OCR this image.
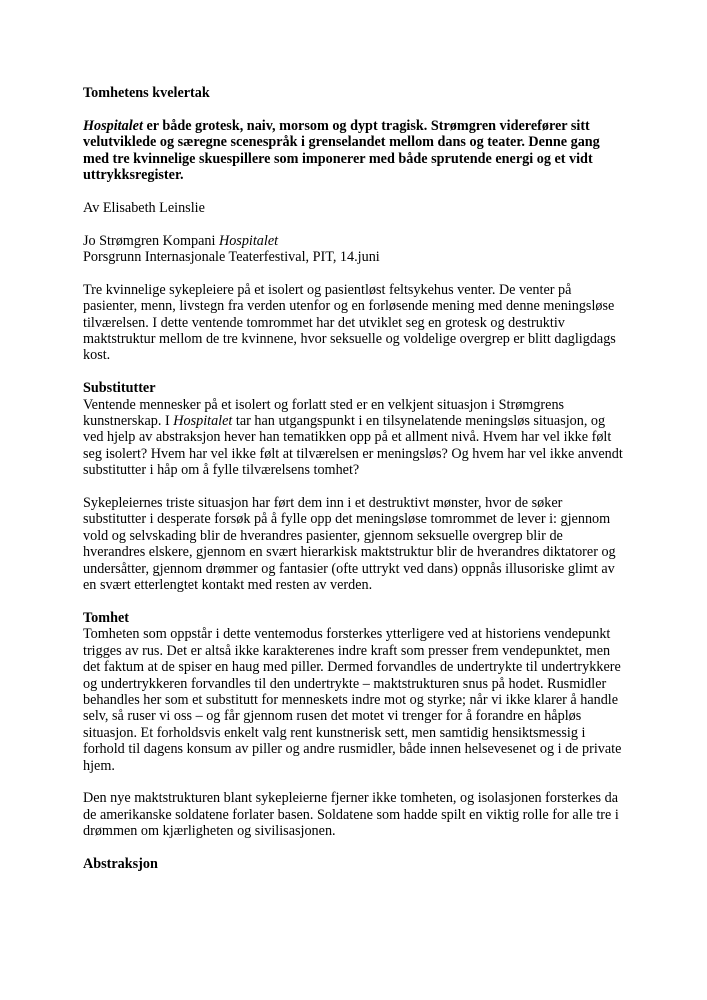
Tomhetens kvelertak

Hospitalet er både grotesk, naiv, morsom og dypt tragisk. Strømgren viderefører sitt velutviklede og særegne scenespråk i grenselandet mellom dans og teater. Denne gang med tre kvinnelige skuespillere som imponerer med både sprutende energi og et vidt uttrykksregister.

Av Elisabeth Leinslie

Jo Strømgren Kompani Hospitalet
Porsgrunn Internasjonale Teaterfestival, PIT, 14.juni

Tre kvinnelige sykepleiere på et isolert og pasientløst feltsykehus venter. De venter på pasienter, menn, livstegn fra verden utenfor og en forløsende mening med denne meningsløse tilværelsen. I dette ventende tomrommet har det utviklet seg en grotesk og destruktiv maktstruktur mellom de tre kvinnene, hvor seksuelle og voldelige overgrep er blitt dagligdags kost.

Substitutter

Ventende mennesker på et isolert og forlatt sted er en velkjent situasjon i Strømgrens kunstnerskap. I Hospitalet tar han utgangspunkt i en tilsynelatende meningsløs situasjon, og ved hjelp av abstraksjon hever han tematikken opp på et allment nivå. Hvem har vel ikke følt seg isolert? Hvem har vel ikke følt at tilværelsen er meningsløs? Og hvem har vel ikke anvendt substitutter i håp om å fylle tilværelsens tomhet?

Sykepleiernes triste situasjon har ført dem inn i et destruktivt mønster, hvor de søker substitutter i desperate forsøk på å fylle opp det meningsløse tomrommet de lever i: gjennom vold og selvskading blir de hverandres pasienter, gjennom seksuelle overgrep blir de hverandres elskere, gjennom en svært hierarkisk maktstruktur blir de hverandres diktatorer og undersåtter, gjennom drømmer og fantasier (ofte uttrykt ved dans) oppnås illusoriske glimt av en svært etterlengtet kontakt med resten av verden.

Tomhet

Tomheten som oppstår i dette ventemodus forsterkes ytterligere ved at historiens vendepunkt trigges av rus. Det er altså ikke karakterenes indre kraft som presser frem vendepunktet, men det faktum at de spiser en haug med piller. Dermed forvandles de undertrykte til undertrykkere og undertrykkeren forvandles til den undertrykte – maktstrukturen snus på hodet. Rusmidler behandles her som et substitutt for menneskets indre mot og styrke; når vi ikke klarer å handle selv, så ruser vi oss – og får gjennom rusen det motet vi trenger for å forandre en håpløs situasjon. Et forholdsvis enkelt valg rent kunstnerisk sett, men samtidig hensiktsmessig i forhold til dagens konsum av piller og andre rusmidler, både innen helsevesenet og i de private hjem.

Den nye maktstrukturen blant sykepleierne fjerner ikke tomheten, og isolasjonen forsterkes da de amerikanske soldatene forlater basen. Soldatene som hadde spilt en viktig rolle for alle tre i drømmen om kjærligheten og sivilisasjonen.

Abstraksjon
